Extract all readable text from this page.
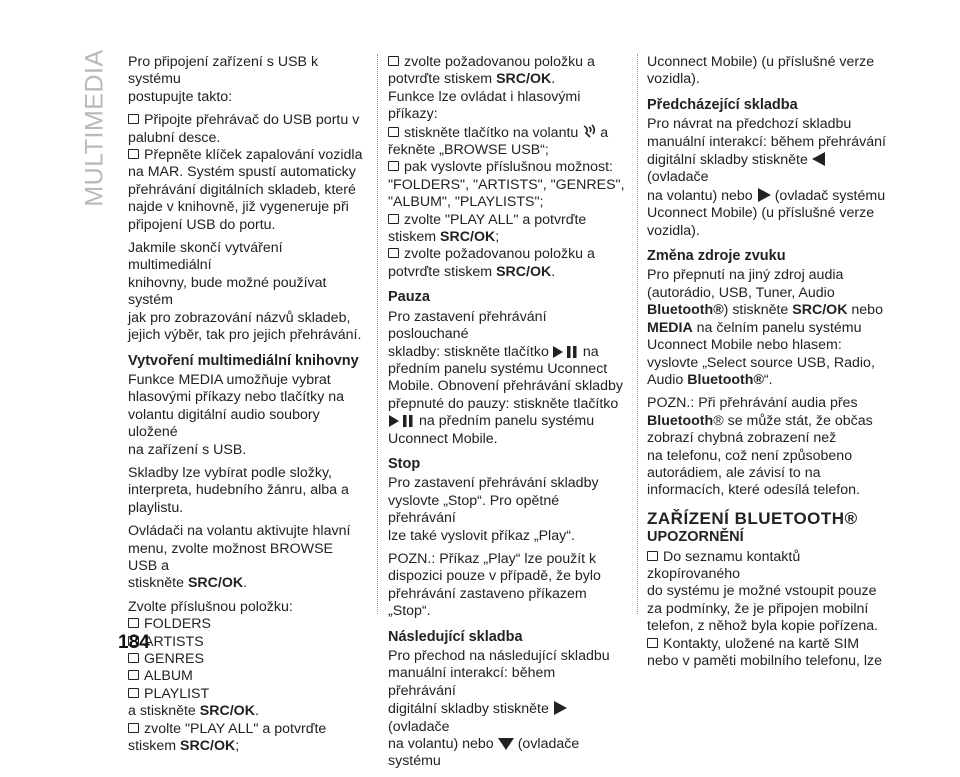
MULTIMEDIA
184

Pro připojení zařízení s USB k systému
postupujte takto:

Připojte přehrávač do USB portu v
palubní desce.
Přepněte klíček zapalování vozidla
na MAR. Systém spustí automaticky
přehrávání digitálních skladeb, které
najde v knihovně, již vygeneruje při
připojení USB do portu.

Jakmile skončí vytváření multimediální
knihovny, bude možné používat systém
jak pro zobrazování názvů skladeb,
jejich výběr, tak pro jejich přehrávání.

Vytvoření multimediální knihovny

Funkce MEDIA umožňuje vybrat
hlasovými příkazy nebo tlačítky na
volantu digitální audio soubory uložené
na zařízení s USB.

Skladby lze vybírat podle složky,
interpreta, hudebního žánru, alba a
playlistu.

Ovládači na volantu aktivujte hlavní
menu, zvolte možnost BROWSE USB a
stiskněte SRC/OK.

Zvolte příslušnou položku:
FOLDERS
ARTISTS
GENRES
ALBUM
PLAYLIST
a stiskněte SRC/OK.
zvolte "PLAY ALL" a potvrďte
stiskem SRC/OK;
zvolte požadovanou položku a
potvrďte stiskem SRC/OK.
Funkce lze ovládat i hlasovými příkazy:
stiskněte tlačítko na volantu a
řekněte „BROWSE USB“;
pak vyslovte příslušnou možnost:
"FOLDERS", "ARTISTS", "GENRES",
"ALBUM", "PLAYLISTS";
zvolte "PLAY ALL" a potvrďte
stiskem SRC/OK;
zvolte požadovanou položku a
potvrďte stiskem SRC/OK.
Pauza

Pro zastavení přehrávání poslouchané
skladby: stiskněte tlačítko na
předním panelu systému Uconnect
Mobile. Obnovení přehrávání skladby
přepnuté do pauzy: stiskněte tlačítko
na předním panelu systému
Uconnect Mobile.

Stop

Pro zastavení přehrávání skladby
vyslovte „Stop“. Pro opětné přehrávání
lze také vyslovit příkaz „Play“.

POZN.: Příkaz „Play“ lze použít k
dispozici pouze v případě, že bylo
přehrávání zastaveno příkazem „Stop“.

Následující skladba

Pro přechod na následující skladbu
manuální interakcí: během přehrávání
digitální skladby stiskněte(ovladače
na volantu) nebo (ovladače systému

Uconnect Mobile) (u příslušné verze
vozidla).

Předcházející skladba

Pro návrat na předchozí skladbu
manuální interakcí: během přehrávání
digitální skladby stiskněte(ovladače
na volantu) nebo (ovladač systému
Uconnect Mobile) (u příslušné verze
vozidla).

Změna zdroje zvuku

Pro přepnutí na jiný zdroj audia
(autorádio, USB, Tuner, Audio
Bluetooth®) stiskněte SRC/OK nebo
MEDIA na čelním panelu systému
Uconnect Mobile nebo hlasem:
vyslovte „Select source USB, Radio,
Audio Bluetooth®“.

POZN.: Při přehrávání audia přes
Bluetooth® se může stát, že občas
zobrazí chybná zobrazení než
na telefonu, což není způsobeno
autorádiem, ale závisí to na
informacích, které odesílá telefon.

ZAŘÍZENÍ BLUETOOTH®
UPOZORNĚNÍ
Do seznamu kontaktů zkopírovaného
do systému je možné vstoupit pouze
za podmínky, že je připojen mobilní
telefon, z něhož byla kopie pořízena.
Kontakty, uložené na kartě SIM
nebo v paměti mobilního telefonu, lze
